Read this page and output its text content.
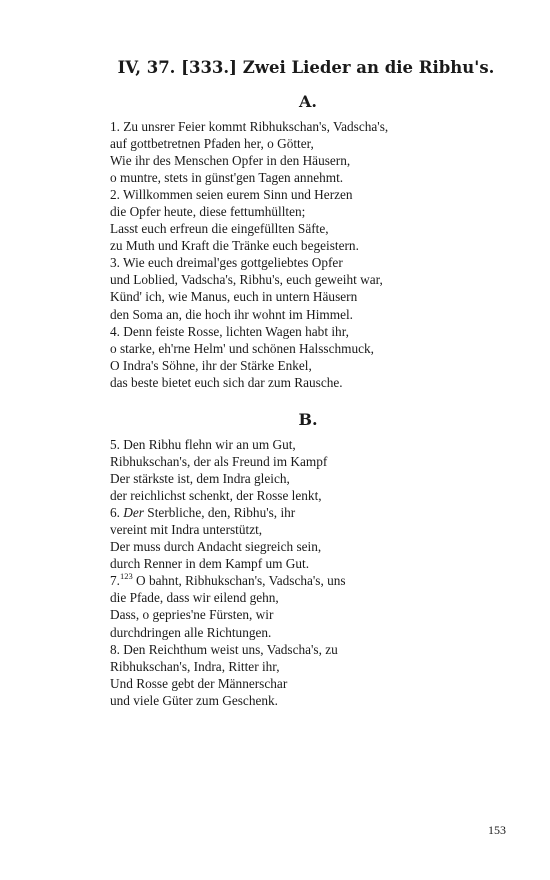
IV, 37. [333.] Zwei Lieder an die Ribhu's.
A.
1. Zu unsrer Feier kommt Ribhukschan's, Vadscha's,
auf gottbetretnen Pfaden her, o Götter,
Wie ihr des Menschen Opfer in den Häusern,
o muntre, stets in günst'gen Tagen annehmt.
2. Willkommen seien eurem Sinn und Herzen
die Opfer heute, diese fettumhüllten;
Lasst euch erfreun die eingefüllten Säfte,
zu Muth und Kraft die Tränke euch begeistern.
3. Wie euch dreimal'ges gottgeliebtes Opfer
und Loblied, Vadscha's, Ribhu's, euch geweiht war,
Künd' ich, wie Manus, euch in untern Häusern
den Soma an, die hoch ihr wohnt im Himmel.
4. Denn feiste Rosse, lichten Wagen habt ihr,
o starke, eh'rne Helm' und schönen Halsschmuck,
O Indra's Söhne, ihr der Stärke Enkel,
das beste bietet euch sich dar zum Rausche.
B.
5. Den Ribhu flehn wir an um Gut,
Ribhukschan's, der als Freund im Kampf
Der stärkste ist, dem Indra gleich,
der reichlichst schenkt, der Rosse lenkt,
6. Der Sterbliche, den, Ribhu's, ihr
vereint mit Indra unterstützt,
Der muss durch Andacht siegreich sein,
durch Renner in dem Kampf um Gut.
7.$^{123}$ O bahnt, Ribhukschan's, Vadscha's, uns
die Pfade, dass wir eilend gehn,
Dass, o gepries'ne Fürsten, wir
durchdringen alle Richtungen.
8. Den Reichthum weist uns, Vadscha's, zu
Ribhukschan's, Indra, Ritter ihr,
Und Rosse gebt der Männerschar
und viele Güter zum Geschenk.
153
